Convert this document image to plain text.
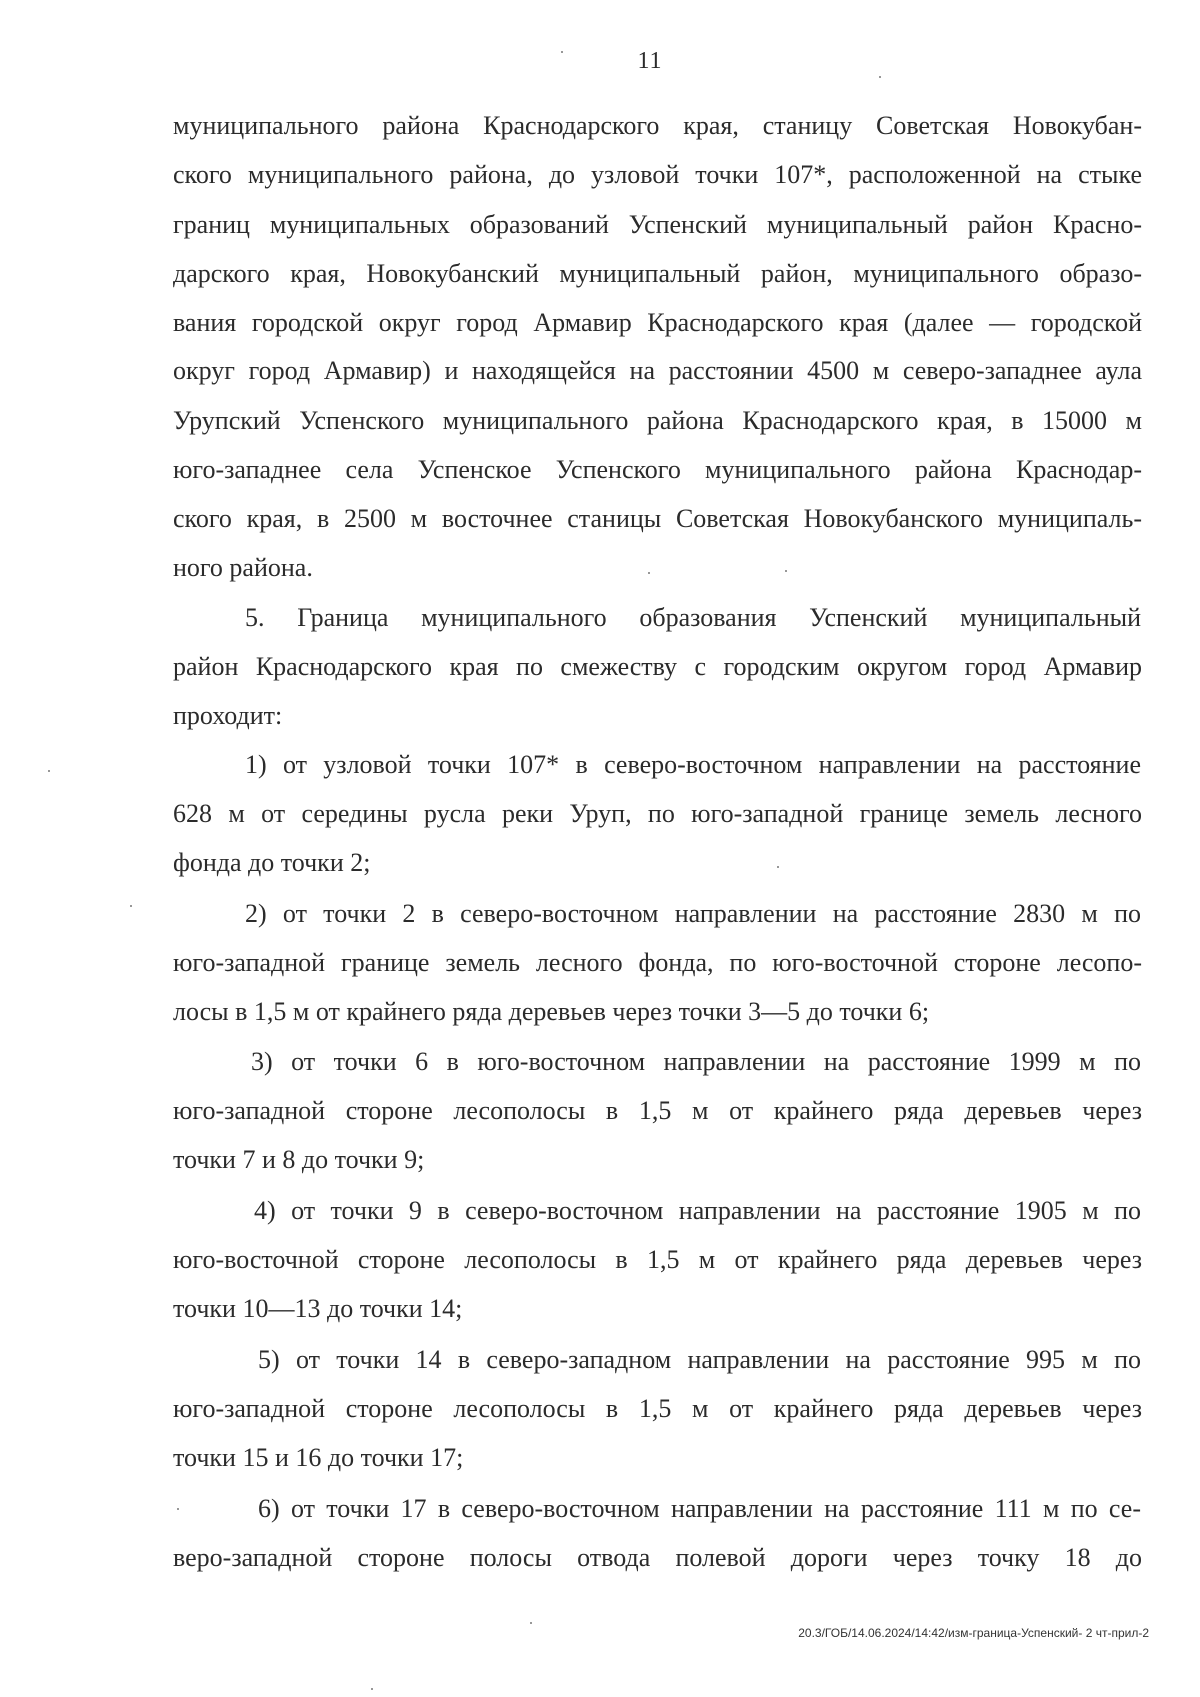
11
муниципального района Краснодарского края, станицу Советская Новокубан-
ского муниципального района, до узловой точки 107*, расположенной на стыке
границ муниципальных образований Успенский муниципальный район Красно-
дарского края, Новокубанский муниципальный район, муниципального образо-
вания городской округ город Армавир Краснодарского края (далее — городской
округ город Армавир) и находящейся на расстоянии 4500 м северо-западнее аула
Урупский Успенского муниципального района Краснодарского края, в 15000 м
юго-западнее села Успенское Успенского муниципального района Краснодар-
ского края, в 2500 м восточнее станицы Советская Новокубанского муниципаль-
ного района.
5. Граница муниципального образования Успенский муниципальный
район Краснодарского края по смежеству с городским округом город Армавир
проходит:
1) от узловой точки 107* в северо-восточном направлении на расстояние
628 м от середины русла реки Уруп, по юго-западной границе земель лесного
фонда до точки 2;
2) от точки 2 в северо-восточном направлении на расстояние 2830 м по
юго-западной границе земель лесного фонда, по юго-восточной стороне лесопо-
лосы в 1,5 м от крайнего ряда деревьев через точки 3—5 до точки 6;
3) от точки 6 в юго-восточном направлении на расстояние 1999 м по
юго-западной стороне лесополосы в 1,5 м от крайнего ряда деревьев через
точки 7 и 8 до точки 9;
4) от точки 9 в северо-восточном направлении на расстояние 1905 м по
юго-восточной стороне лесополосы в 1,5 м от крайнего ряда деревьев через
точки 10—13 до точки 14;
5) от точки 14 в северо-западном направлении на расстояние 995 м по
юго-западной стороне лесополосы в 1,5 м от крайнего ряда деревьев через
точки 15 и 16 до точки 17;
6) от точки 17 в северо-восточном направлении на расстояние 111 м по се-
веро-западной стороне полосы отвода полевой дороги через точку 18 до
20.3/ГОБ/14.06.2024/14:42/изм-граница-Успенский- 2 чт-прил-2
